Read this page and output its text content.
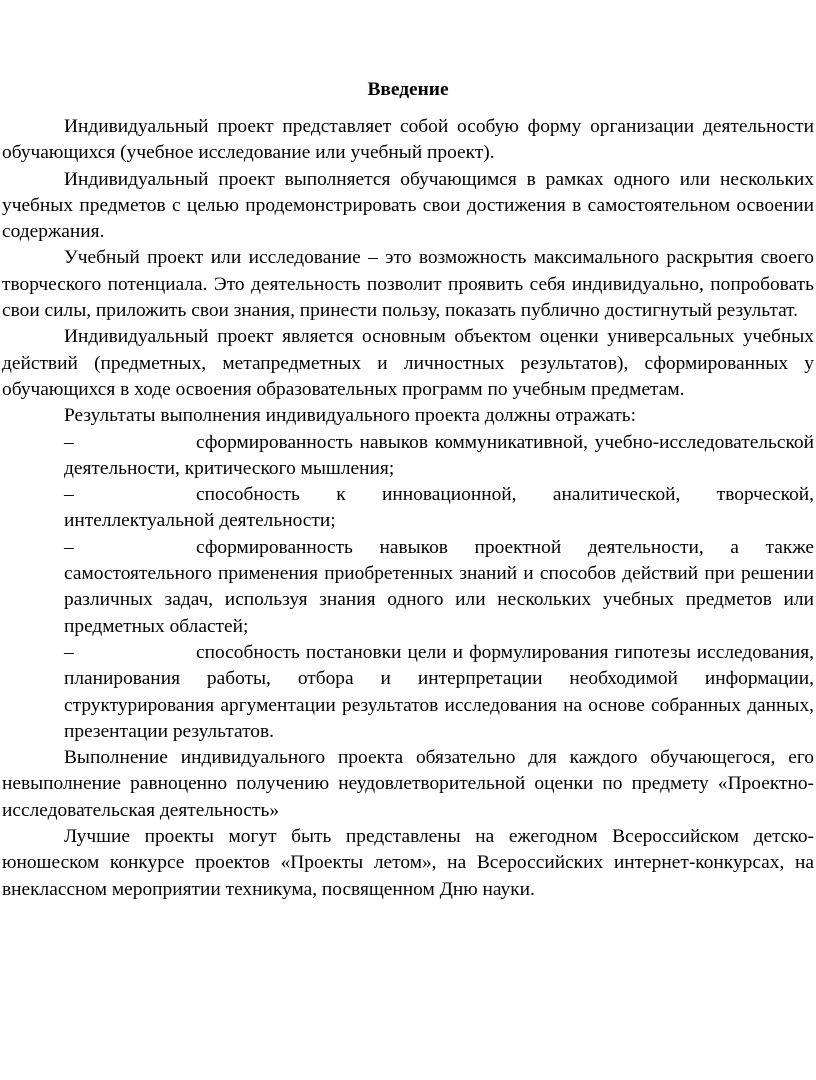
Введение

Индивидуальный проект представляет собой особую форму организации деятельности обучающихся (учебное исследование или учебный проект).

Индивидуальный проект выполняется обучающимся в рамках одного или нескольких учебных предметов с целью продемонстрировать свои достижения в самостоятельном освоении содержания.

Учебный проект или исследование – это возможность максимального раскрытия своего творческого потенциала. Это деятельность позволит проявить себя индивидуально, попробовать свои силы, приложить свои знания, принести пользу, показать публично достигнутый результат.

Индивидуальный проект является основным объектом оценки универсальных учебных действий (предметных, метапредметных и личностных результатов), сформированных у обучающихся в ходе освоения образовательных программ по учебным предметам.

Результаты выполнения индивидуального проекта должны отражать:

–	сформированность навыков коммуникативной, учебно-исследовательской деятельности, критического мышления;

–	способность к инновационной, аналитической, творческой, интеллектуальной деятельности;

–	сформированность навыков проектной деятельности, а также самостоятельного применения приобретенных знаний и способов действий при решении различных задач, используя знания одного или нескольких учебных предметов или предметных областей;

–	способность постановки цели и формулирования гипотезы исследования, планирования работы, отбора и интерпретации необходимой информации, структурирования аргументации результатов исследования на основе собранных данных, презентации результатов.

Выполнение индивидуального проекта обязательно для каждого обучающегося, его невыполнение равноценно получению неудовлетворительной оценки по предмету «Проектно-исследовательская деятельность»

Лучшие проекты могут быть представлены на ежегодном Всероссийском детско-юношеском конкурсе проектов «Проекты летом», на Всероссийских интернет-конкурсах, на внеклассном мероприятии техникума, посвященном Дню науки.
